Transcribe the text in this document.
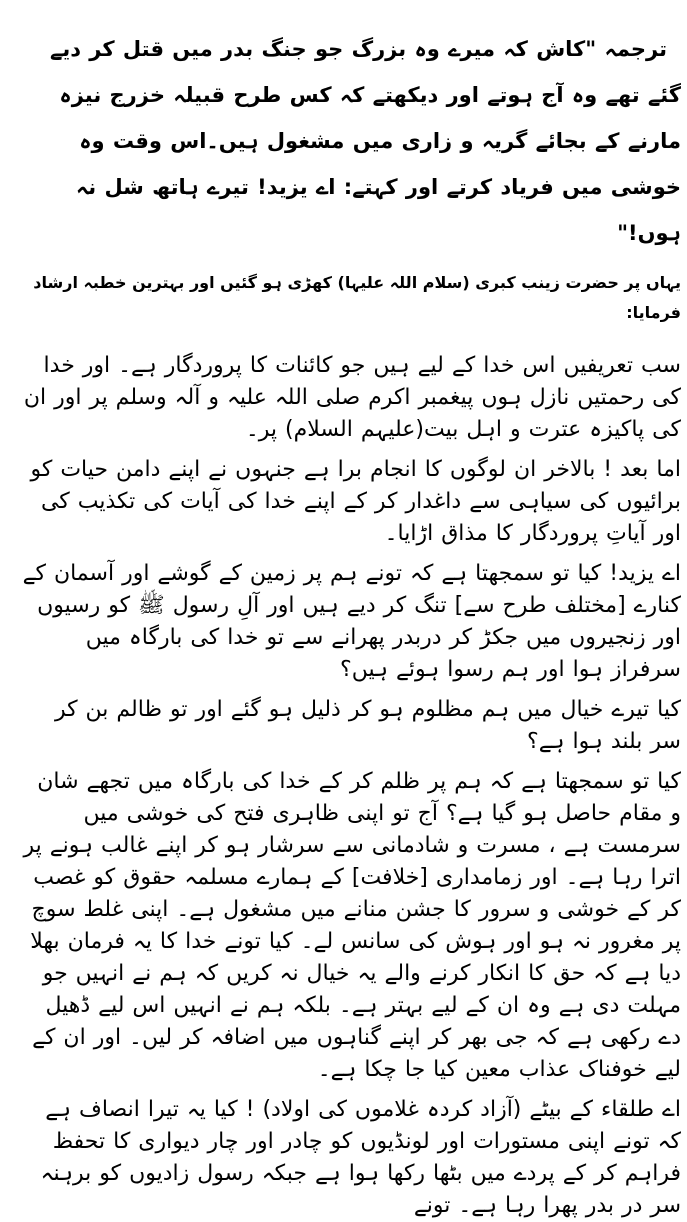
ترجمہ "کاش کہ میرے وہ بزرگ جو جنگ بدر میں قتل کر دیے گئے تھے وہ آج ہوتے اور دیکھتے کہ کس طرح قبیلہ خزرج نیزہ مارنے کے بجائے گریہ و زاری میں مشغول ہیں۔اس وقت وہ خوشی میں فریاد کرتے اور کہتے: اے یزید! تیرے ہاتھ شل نہ ہوں!"

یہاں پر حضرت زینب کبری (سلام اللہ علیہا) کھڑی ہو گئیں اور بہترین خطبہ ارشاد فرمایا:

سب تعریفیں اس خدا کے لیے ہیں جو کائنات کا پروردگار ہے۔ اور خدا کی رحمتیں نازل ہوں پیغمبر اکرم صلی اللہ علیہ و آلہ وسلم پر اور ان کی پاکیزہ عترت و اہل بیت(علیہم السلام) پر۔

اما بعد ! بالاخر ان لوگوں کا انجام برا ہے جنہوں نے اپنے دامن حیات کو برائیوں کی سیاہی سے داغدار کر کے اپنے خدا کی آیات کی تکذیب کی اور آیاتِ پروردگار کا مذاق اڑایا۔

اے یزید! کیا تو سمجھتا ہے کہ تونے ہم پر زمین کے گوشے اور آسمان کے کنارے [مختلف طرح سے] تنگ کر دیے ہیں اور آلِ رسول ﷺ کو رسیوں اور زنجیروں میں جکڑ کر دربدر پھرانے سے تو خدا کی بارگاہ میں سرفراز ہوا اور ہم رسوا ہوئے ہیں؟

کیا تیرے خیال میں ہم مظلوم ہو کر ذلیل ہو گئے اور تو ظالم بن کر سر بلند ہوا ہے؟

کیا تو سمجھتا ہے کہ ہم پر ظلم کر کے خدا کی بارگاہ میں تجھے شان و مقام حاصل ہو گیا ہے؟ آج تو اپنی ظاہری فتح کی خوشی میں سرمست ہے ، مسرت و شادمانی سے سرشار ہو کر اپنے غالب ہونے پر اترا رہا ہے۔ اور زمامداری [خلافت] کے ہمارے مسلمہ حقوق کو غصب کر کے خوشی و سرور کا جشن منانے میں مشغول ہے۔ اپنی غلط سوچ پر مغرور نہ ہو اور ہوش کی سانس لے۔ کیا تونے خدا کا یہ فرمان بھلا دیا ہے کہ حق کا انکار کرنے والے یہ خیال نہ کریں کہ ہم نے انہیں جو مہلت دی ہے وہ ان کے لیے بہتر ہے۔ بلکہ ہم نے انہیں اس لیے ڈھیل دے رکھی ہے کہ جی بھر کر اپنے گناہوں میں اضافہ کر لیں۔ اور ان کے لیے خوفناک عذاب معین کیا جا چکا ہے۔

اے طلقاء کے بیٹے (آزاد کردہ غلاموں کی اولاد) ! کیا یہ تیرا انصاف ہے کہ تونے اپنی مستورات اور لونڈیوں کو چادر اور چار دیواری کا تحفظ فراہم کر کے پردے میں بٹھا رکھا ہوا ہے جبکہ رسول زادیوں کو برہنہ سر در بدر پھرا رہا ہے۔ تونے
